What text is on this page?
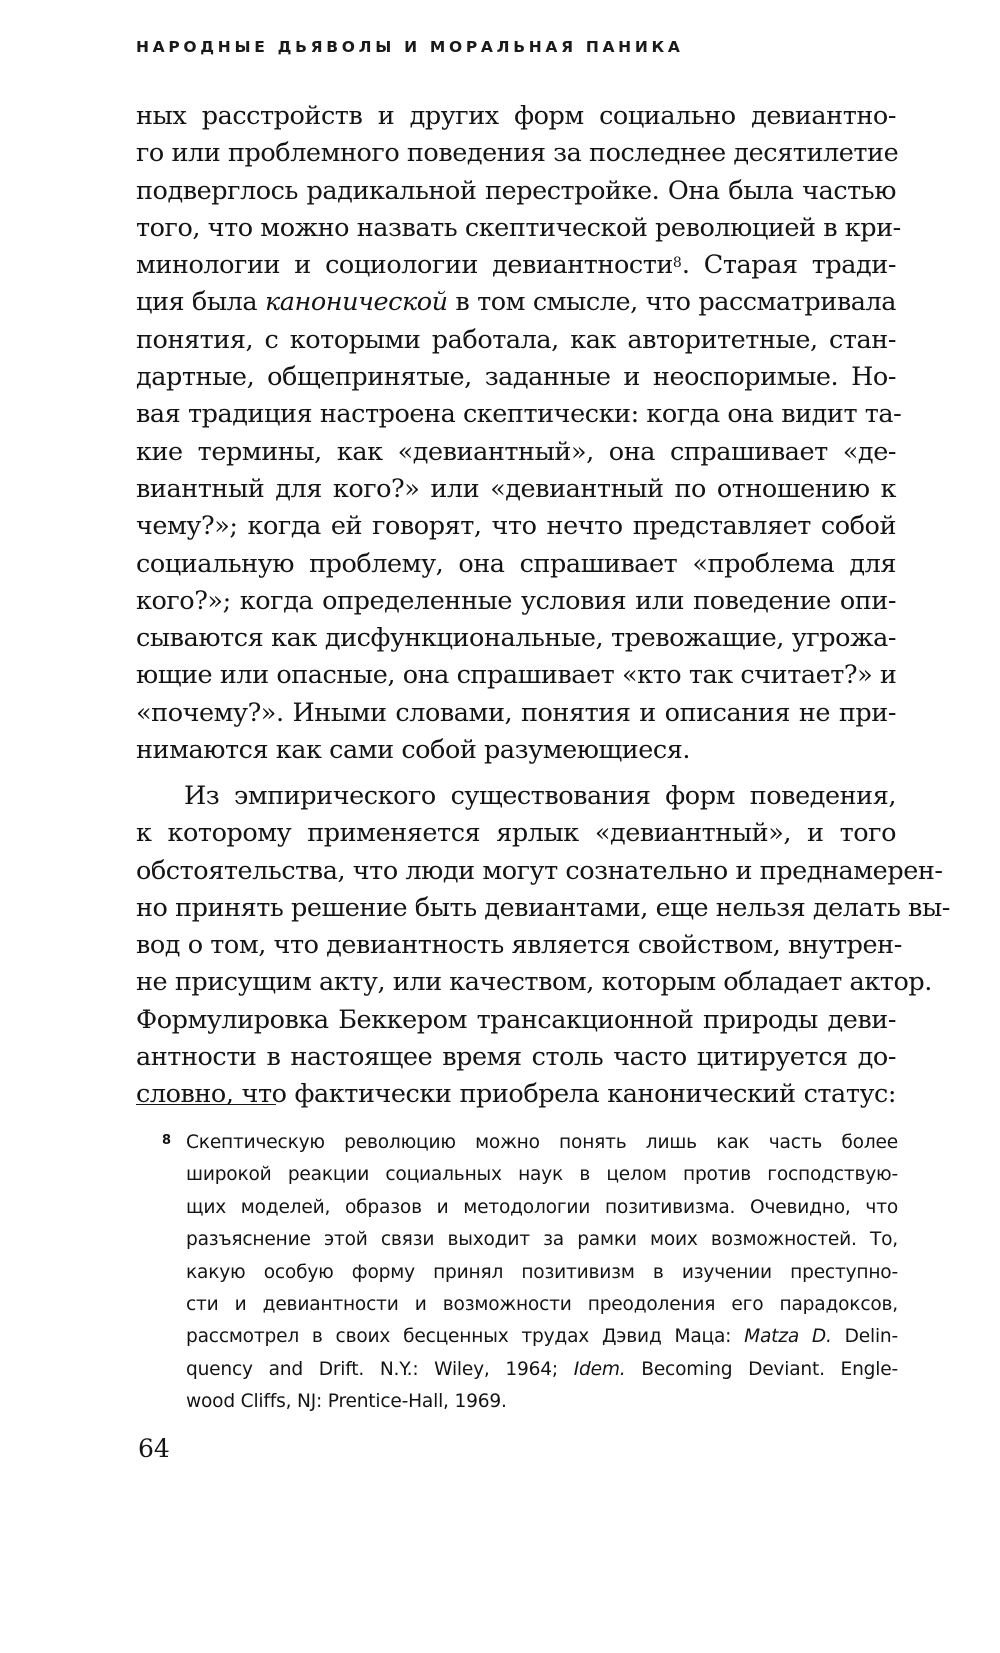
НАРОДНЫЕ ДЬЯВОЛЫ И МОРАЛЬНАЯ ПАНИКА
ных расстройств и других форм социально девиантно-
го или проблемного поведения за последнее десятилетие
подверглось радикальной перестройке. Она была частью
того, что можно назвать скептической революцией в кри-
минологии и социологии девиантности$^8$. Старая тради-
ция была канонической в том смысле, что рассматривала
понятия, с которыми работала, как авторитетные, стан-
дартные, общепринятые, заданные и неоспоримые. Но-
вая традиция настроена скептически: когда она видит та-
кие термины, как «девиантный», она спрашивает «де-
виантный для кого?» или «девиантный по отношению к
чему?»; когда ей говорят, что нечто представляет собой
социальную проблему, она спрашивает «проблема для
кого?»; когда определенные условия или поведение опи-
сываются как дисфункциональные, тревожащие, угрожа-
ющие или опасные, она спрашивает «кто так считает?» и
«почему?». Иными словами, понятия и описания не при-
нимаются как сами собой разумеющиеся.
Из эмпирического существования форм поведения,
к которому применяется ярлык «девиантный», и того
обстоятельства, что люди могут сознательно и преднамерен-
но принять решение быть девиантами, еще нельзя делать вы-
вод о том, что девиантность является свойством, внутрен-
не присущим акту, или качеством, которым обладает актор.
Формулировка Беккером трансакционной природы деви-
антности в настоящее время столь часто цитируется до-
словно, что фактически приобрела канонический статус:
8 Скептическую революцию можно понять лишь как часть более
широкой реакции социальных наук в целом против господствую-
щих моделей, образов и методологии позитивизма. Очевидно, что
разъяснение этой связи выходит за рамки моих возможностей. То,
какую особую форму принял позитивизм в изучении преступно-
сти и девиантности и возможности преодоления его парадоксов,
рассмотрел в своих бесценных трудах Дэвид Маца: Matza D. Delin-
quency and Drift. N.Y.: Wiley, 1964; Idem. Becoming Deviant. Engle-
wood Cliffs, NJ: Prentice-Hall, 1969.
64
